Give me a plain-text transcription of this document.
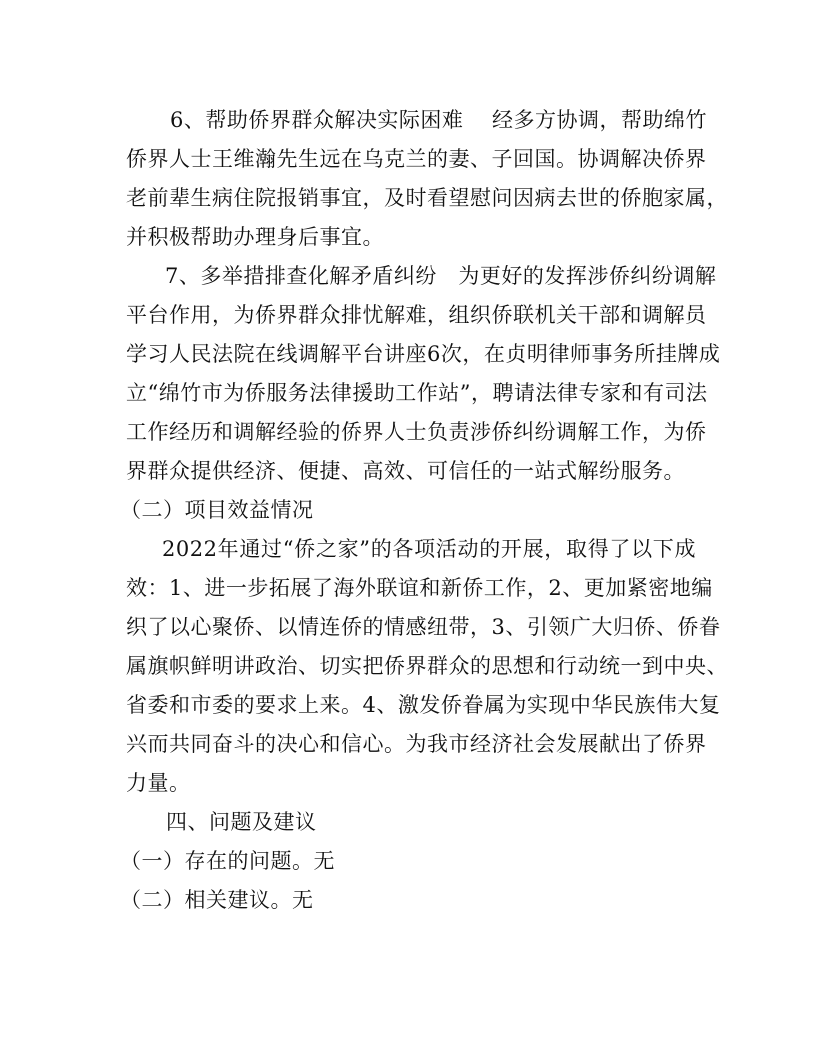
6、帮助侨界群众解决实际困难　 经多方协调，帮助绵竹
侨界人士王维瀚先生远在乌克兰的妻、子回国。协调解决侨界
老前辈生病住院报销事宜，及时看望慰问因病去世的侨胞家属，
并积极帮助办理身后事宜。
7、多举措排查化解矛盾纠纷　为更好的发挥涉侨纠纷调解
平台作用，为侨界群众排忧解难，组织侨联机关干部和调解员
学习人民法院在线调解平台讲座6次，在贞明律师事务所挂牌成
立“绵竹市为侨服务法律援助工作站”，聘请法律专家和有司法
工作经历和调解经验的侨界人士负责涉侨纠纷调解工作，为侨
界群众提供经济、便捷、高效、可信任的一站式解纷服务。
（二）项目效益情况
2022年通过“侨之家”的各项活动的开展，取得了以下成
效：1、进一步拓展了海外联谊和新侨工作，2、更加紧密地编
织了以心聚侨、以情连侨的情感纽带，3、引领广大归侨、侨眷
属旗帜鲜明讲政治、切实把侨界群众的思想和行动统一到中央、
省委和市委的要求上来。4、激发侨眷属为实现中华民族伟大复
兴而共同奋斗的决心和信心。为我市经济社会发展献出了侨界
力量。
四、问题及建议
（一）存在的问题。无
（二）相关建议。无
